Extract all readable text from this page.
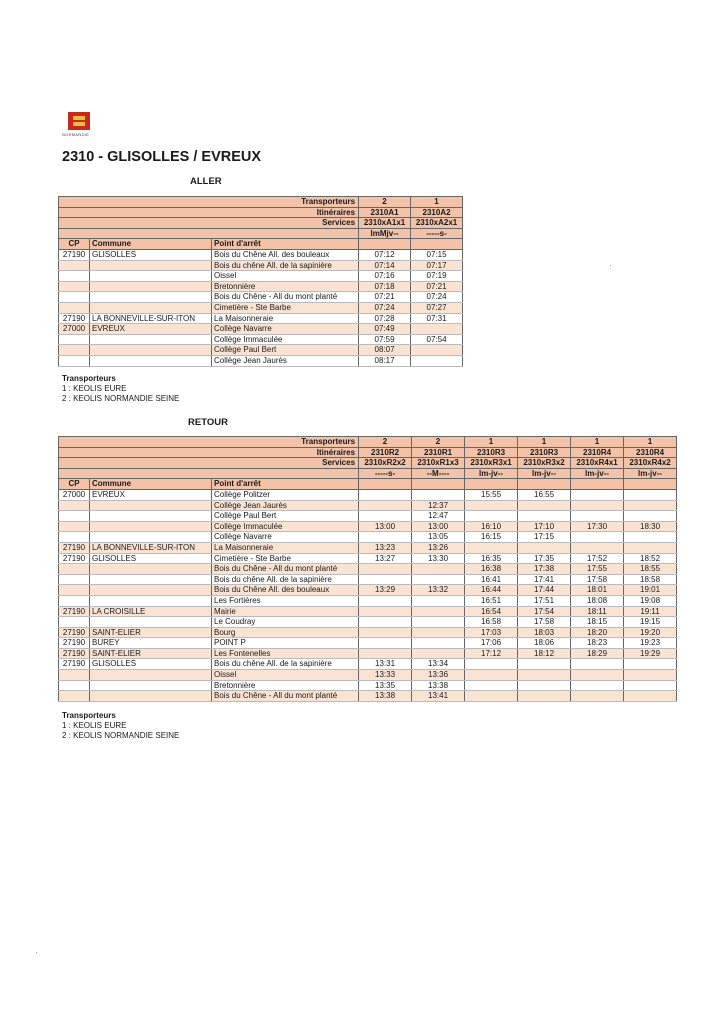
NORMANDIE
2310 - GLISOLLES / EVREUX
ALLER
Transporteurs			2	1
Itinéraires			2310A1	2310A2
Services			2310xA1x1	2310xA2x1
			lmMjv--	-----s-
CP	Commune	Point d'arrêt		
27190	GLISOLLES	Bois du Chêne All. des bouleaux	07:12	07:15
		Bois du chêne All. de la sapinière	07:14	07:17
		Oissel	07:16	07:19
		Bretonnière	07:18	07:21
		Bois du Chêne - All du mont planté	07:21	07:24
		Cimetière - Ste Barbe	07:24	07:27
27190	LA BONNEVILLE-SUR-ITON	La Maisonneraie	07:28	07:31
27000	EVREUX	Collège Navarre	07:49	
		Collège Immaculée	07:59	07:54
		Collège Paul Bert	08:07	
		Collège Jean Jaurès	08:17	
Transporteurs
1 : KEOLIS EURE
2 : KEOLIS NORMANDIE SEINE
RETOUR
Transporteurs			2	2	1	1	1	1
Itinéraires			2310R2	2310R1	2310R3	2310R3	2310R4	2310R4
Services			2310xR2x2	2310xR1x3	2310xR3x1	2310xR3x2	2310xR4x1	2310xR4x2
			-----s-	--M----	lm-jv--	lm-jv--	lm-jv--	lm-jv--
CP	Commune	Point d'arrêt						
27000	EVREUX	Collège Politzer			15:55	16:55		
		Collège Jean Jaurès		12:37				
		Collège Paul Bert		12:47				
		Collège Immaculée	13:00	13:00	16:10	17:10	17:30	18:30
		Collège Navarre		13:05	16:15	17:15		
27190	LA BONNEVILLE-SUR-ITON	La Maisonneraie	13:23	13:26				
27190	GLISOLLES	Cimetière - Ste Barbe	13:27	13:30	16:35	17:35	17:52	18:52
		Bois du Chêne - All du mont planté			16:38	17:38	17:55	18:55
		Bois du chêne All. de la sapinière			16:41	17:41	17:58	18:58
		Bois du Chêne All. des bouleaux	13:29	13:32	16:44	17:44	18:01	19:01
		Les Fortières			16:51	17:51	18:08	19:08
27190	LA CROISILLE	Mairie			16:54	17:54	18:11	19:11
		Le Coudray			16:58	17:58	18:15	19:15
27190	SAINT-ELIER	Bourg			17:03	18:03	18:20	19:20
27190	BUREY	POINT P			17:06	18:06	18:23	19:23
27190	SAINT-ELIER	Les Fontenelles			17:12	18:12	18:29	19:29
27190	GLISOLLES	Bois du chêne All. de la sapinière	13:31	13:34				
		Oissel	13:33	13:36				
		Bretonnière	13:35	13:38				
		Bois du Chêne - All du mont planté	13:38	13:41				
Transporteurs
1 : KEOLIS EURE
2 : KEOLIS NORMANDIE SEINE
